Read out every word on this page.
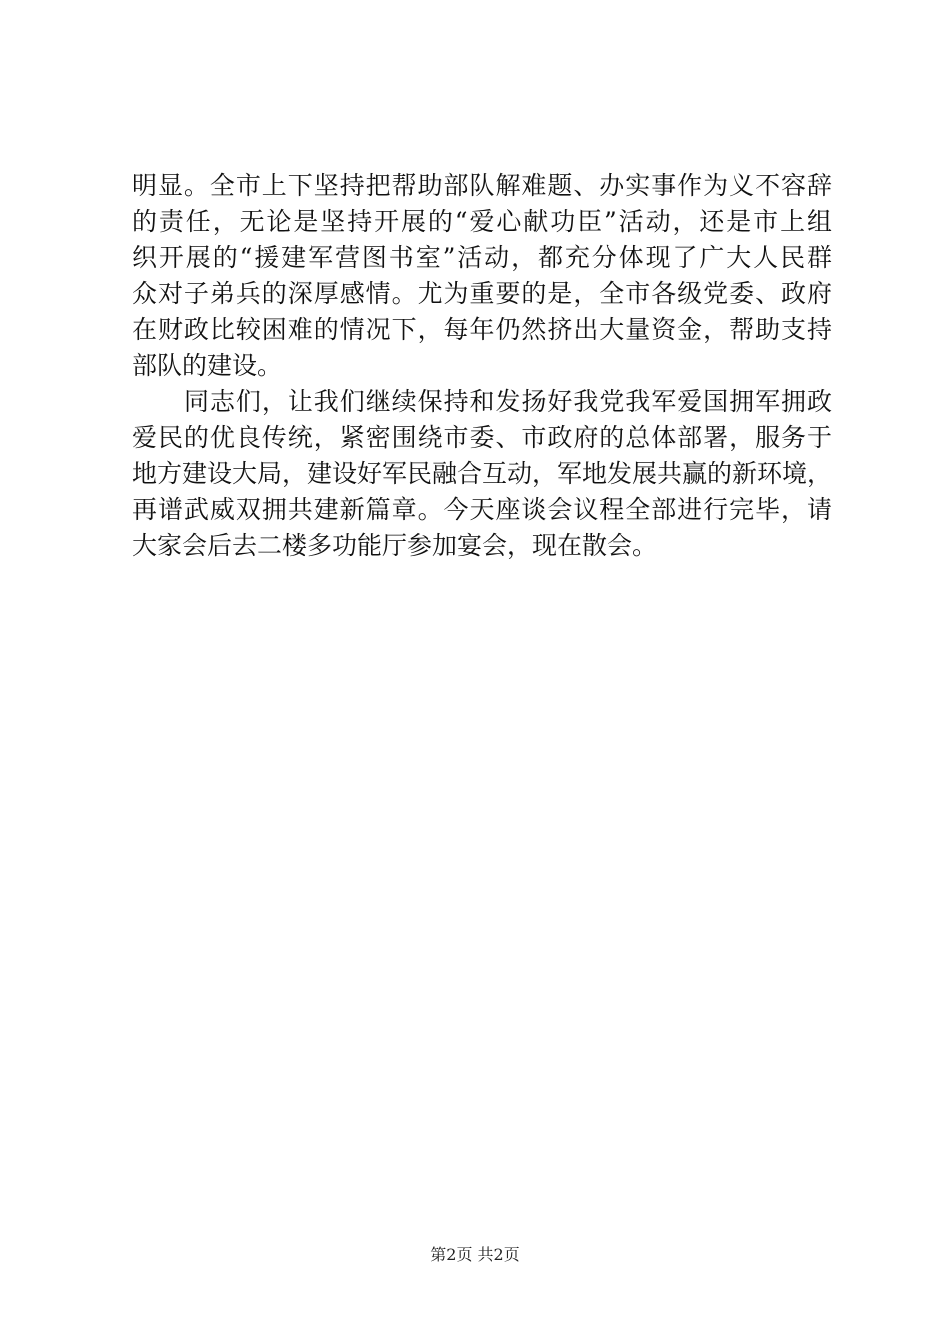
明显。全市上下坚持把帮助部队解难题、办实事作为义不容辞
的责任，无论是坚持开展的“爱心献功臣”活动，还是市上组
织开展的“援建军营图书室”活动，都充分体现了广大人民群
众对子弟兵的深厚感情。尤为重要的是，全市各级党委、政府
在财政比较困难的情况下，每年仍然挤出大量资金，帮助支持
部队的建设。
同志们，让我们继续保持和发扬好我党我军爱国拥军拥政
爱民的优良传统，紧密围绕市委、市政府的总体部署，服务于
地方建设大局，建设好军民融合互动，军地发展共赢的新环境，
再谱武威双拥共建新篇章。今天座谈会议程全部进行完毕，请
大家会后去二楼多功能厅参加宴会，现在散会。
第2页 共2页
